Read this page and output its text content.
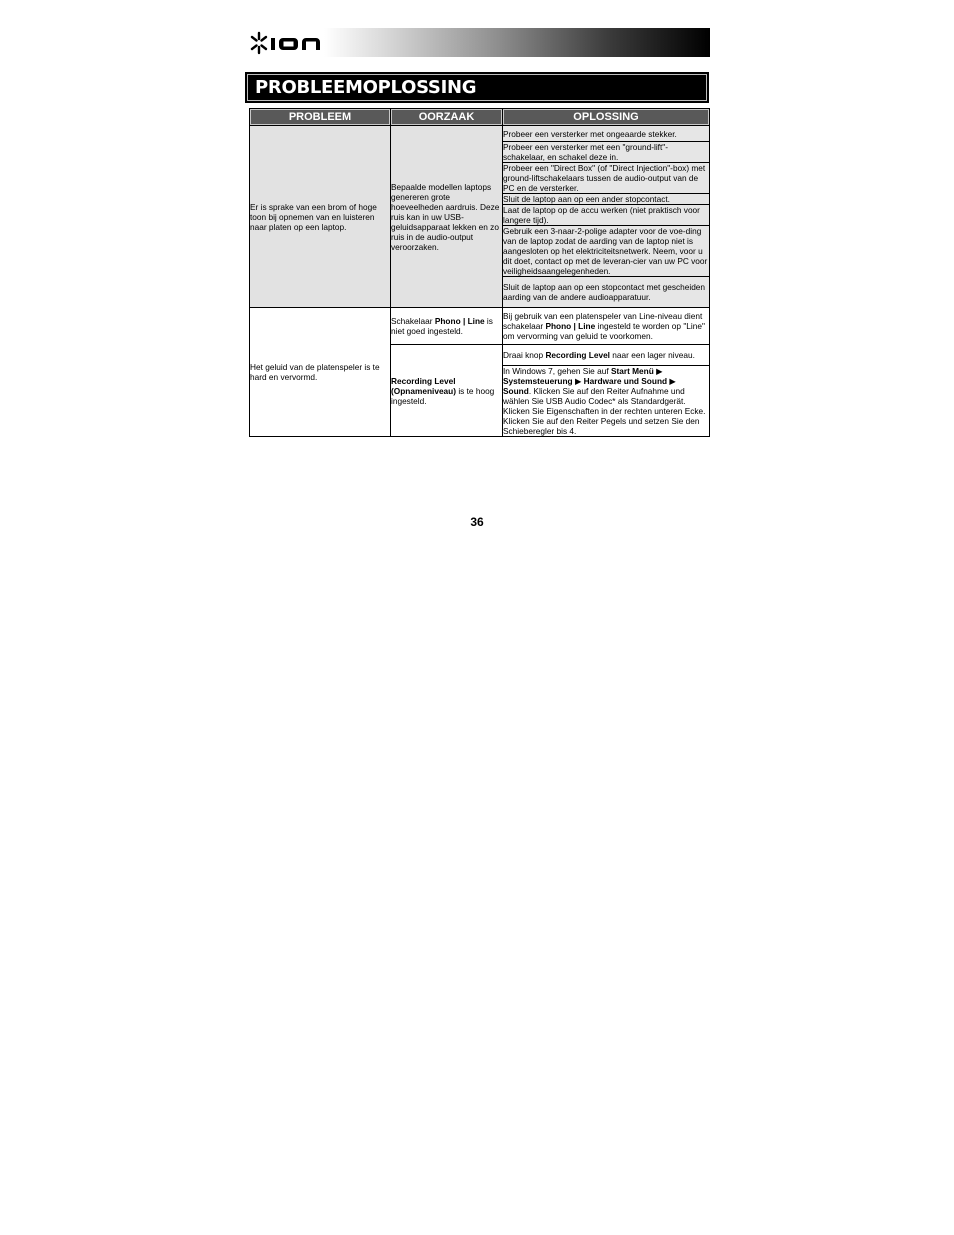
PROBLEEMOPLOSSING
PROBLEEM	OORZAAK	OPLOSSING

Er is sprake van een brom of hoge toon bij opnemen van en luisteren naar platen op een laptop.	Bepaalde modellen laptops genereren grote hoeveelheden aardruis. Deze ruis kan in uw USB-geluidsapparaat lekken en zo ruis in de audio-output veroorzaken.	Probeer een versterker met ongeaarde stekker.

		Probeer een versterker met een "ground-lift"-schakelaar, en schakel deze in.

		Probeer een "Direct Box" (of "Direct Injection"-box) met ground-liftschakelaars tussen de audio-output van de PC en de versterker.

		Sluit de laptop aan op een ander stopcontact.

		Laat de laptop op de accu werken (niet praktisch voor langere tijd).

		Gebruik een 3-naar-2-polige adapter voor de voe-ding van de laptop zodat de aarding van de laptop niet is aangesloten op het elektriciteitsnetwerk. Neem, voor u dit doet, contact op met de leveran-cier van uw PC voor veiligheidsaangelegenheden.

		Sluit de laptop aan op een stopcontact met gescheiden aarding van de andere audioapparatuur.

Het geluid van de platenspeler is te hard en vervormd.	Schakelaar Phono | Line is niet goed ingesteld.	Bij gebruik van een platenspeler van Line-niveau dient schakelaar Phono | Line ingesteld te worden op "Line" om vervorming van geluid te voorkomen.

	Recording Level (Opnameniveau) is te hoog ingesteld.	Draai knop Recording Level naar een lager niveau.

		In Windows 7, gehen Sie auf Start Menü ▶
Systemsteuerung ▶ Hardware und Sound ▶
Sound. Klicken Sie auf den Reiter Aufnahme und wählen Sie USB Audio Codec* als Standardgerät. Klicken Sie Eigenschaften in der rechten unteren Ecke. Klicken Sie auf den Reiter Pegels und setzen Sie den Schieberegler bis 4.
36
